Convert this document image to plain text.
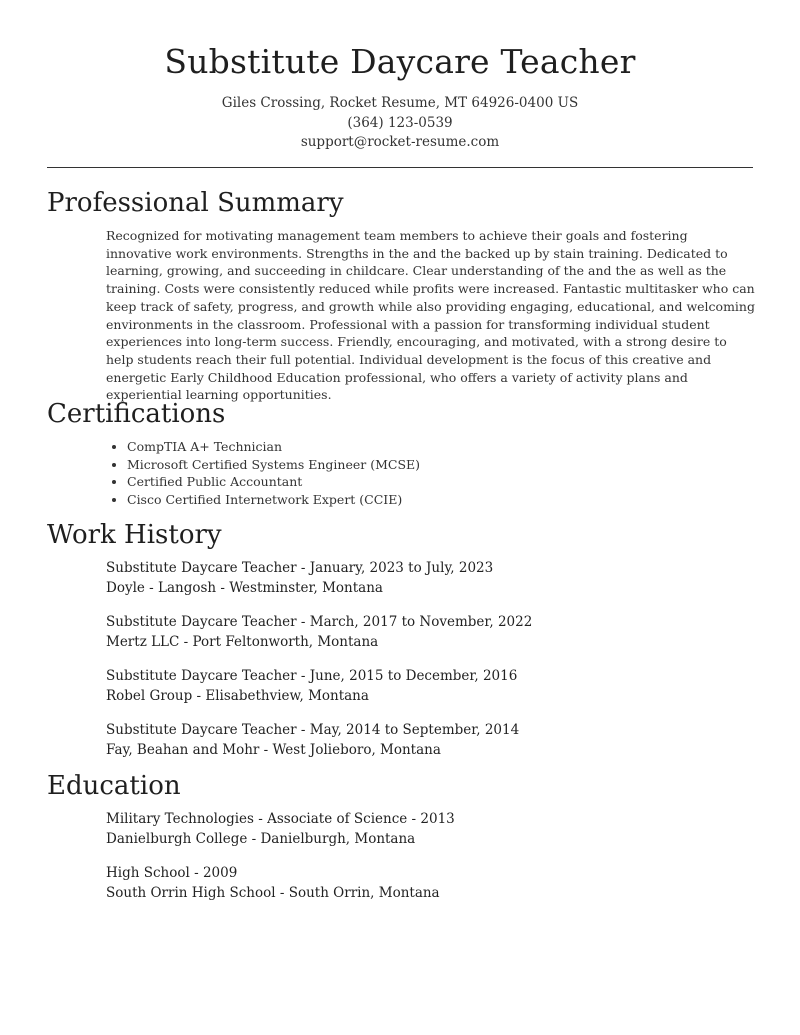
Substitute Daycare Teacher
Giles Crossing, Rocket Resume, MT 64926-0400 US
(364) 123-0539
support@rocket-resume.com
Professional Summary

Recognized for motivating management team members to achieve their goals and fostering innovative work environments. Strengths in the and the backed up by stain training. Dedicated to learning, growing, and succeeding in childcare. Clear understanding of the and the as well as the training. Costs were consistently reduced while profits were increased. Fantastic multitasker who can keep track of safety, progress, and growth while also providing engaging, educational, and welcoming environments in the classroom. Professional with a passion for transforming individual student experiences into long-term success. Friendly, encouraging, and motivated, with a strong desire to help students reach their full potential. Individual development is the focus of this creative and energetic Early Childhood Education professional, who offers a variety of activity plans and experiential learning opportunities.

Certifications
• CompTIA A+ Technician
• Microsoft Certified Systems Engineer (MCSE)
• Certified Public Accountant
• Cisco Certified Internetwork Expert (CCIE)
Work History
Substitute Daycare Teacher - January, 2023 to July, 2023
Doyle - Langosh - Westminster, Montana
Substitute Daycare Teacher - March, 2017 to November, 2022
Mertz LLC - Port Feltonworth, Montana
Substitute Daycare Teacher - June, 2015 to December, 2016
Robel Group - Elisabethview, Montana
Substitute Daycare Teacher - May, 2014 to September, 2014
Fay, Beahan and Mohr - West Jolieboro, Montana
Education
Military Technologies - Associate of Science - 2013
Danielburgh College - Danielburgh, Montana
High School - 2009
South Orrin High School - South Orrin, Montana
